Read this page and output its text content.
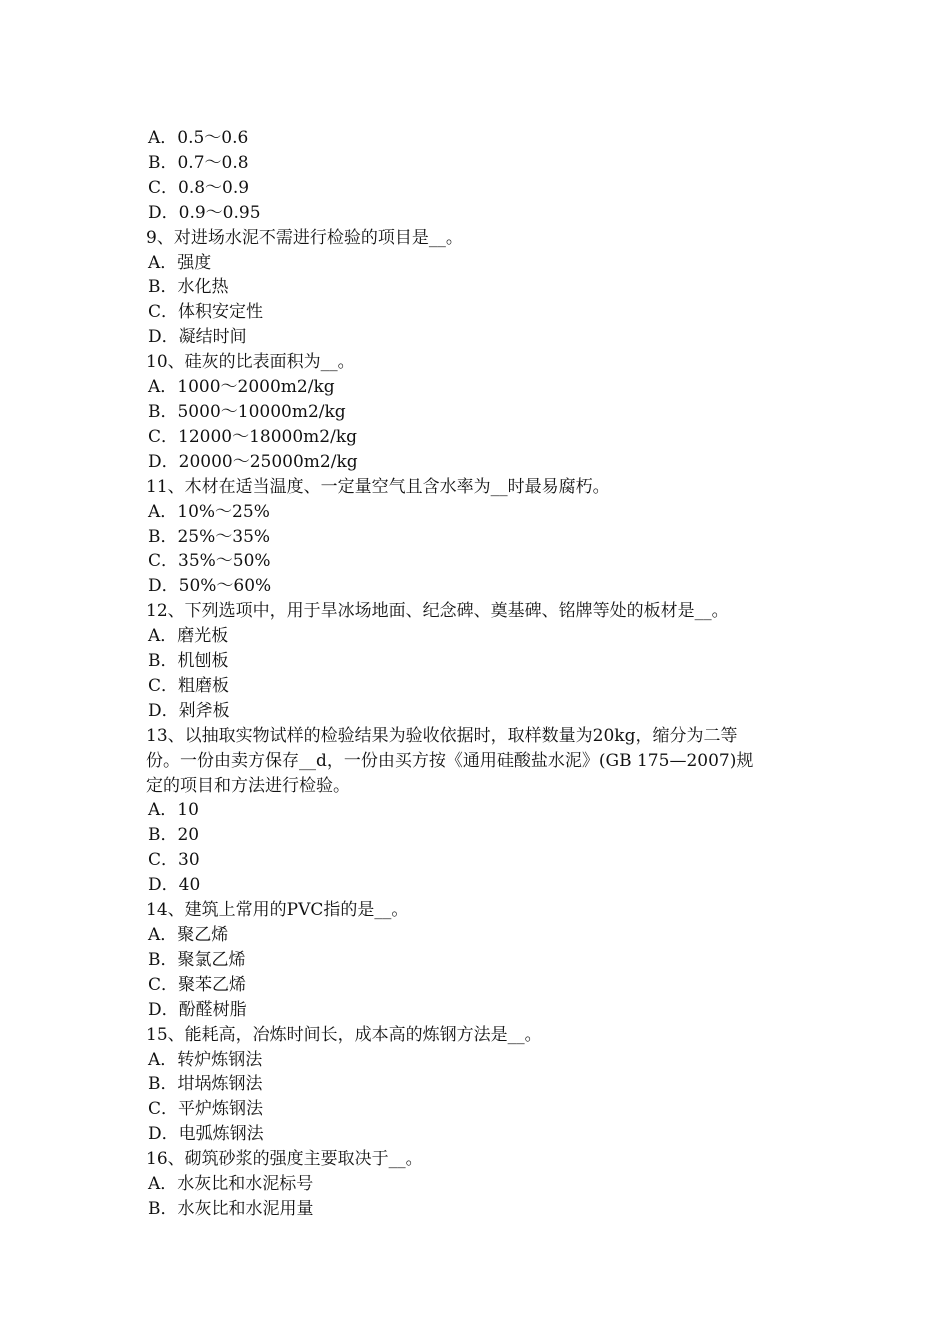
A．0.5～0.6

B．0.7～0.8

C．0.8～0.9

D．0.9～0.95

9、对进场水泥不需进行检验的项目是__。

A．强度

B．水化热

C．体积安定性

D．凝结时间

10、硅灰的比表面积为__。

A．1000～2000m2/kg

B．5000～10000m2/kg

C．12000～18000m2/kg

D．20000～25000m2/kg

11、木材在适当温度、一定量空气且含水率为__时最易腐朽。

A．10%～25%

B．25%～35%

C．35%～50%

D．50%～60%

12、下列选项中，用于旱冰场地面、纪念碑、奠基碑、铭牌等处的板材是__。

A．磨光板

B．机刨板

C．粗磨板

D．剁斧板

13、以抽取实物试样的检验结果为验收依据时，取样数量为20kg，缩分为二等

份。一份由卖方保存__d，一份由买方按《通用硅酸盐水泥》(GB 175—2007)规

定的项目和方法进行检验。

A．10

B．20

C．30

D．40

14、建筑上常用的PVC指的是__。

A．聚乙烯

B．聚氯乙烯

C．聚苯乙烯

D．酚醛树脂

15、能耗高，冶炼时间长，成本高的炼钢方法是__。

A．转炉炼钢法

B．坩埚炼钢法

C．平炉炼钢法

D．电弧炼钢法

16、砌筑砂浆的强度主要取决于__。

A．水灰比和水泥标号

B．水灰比和水泥用量
